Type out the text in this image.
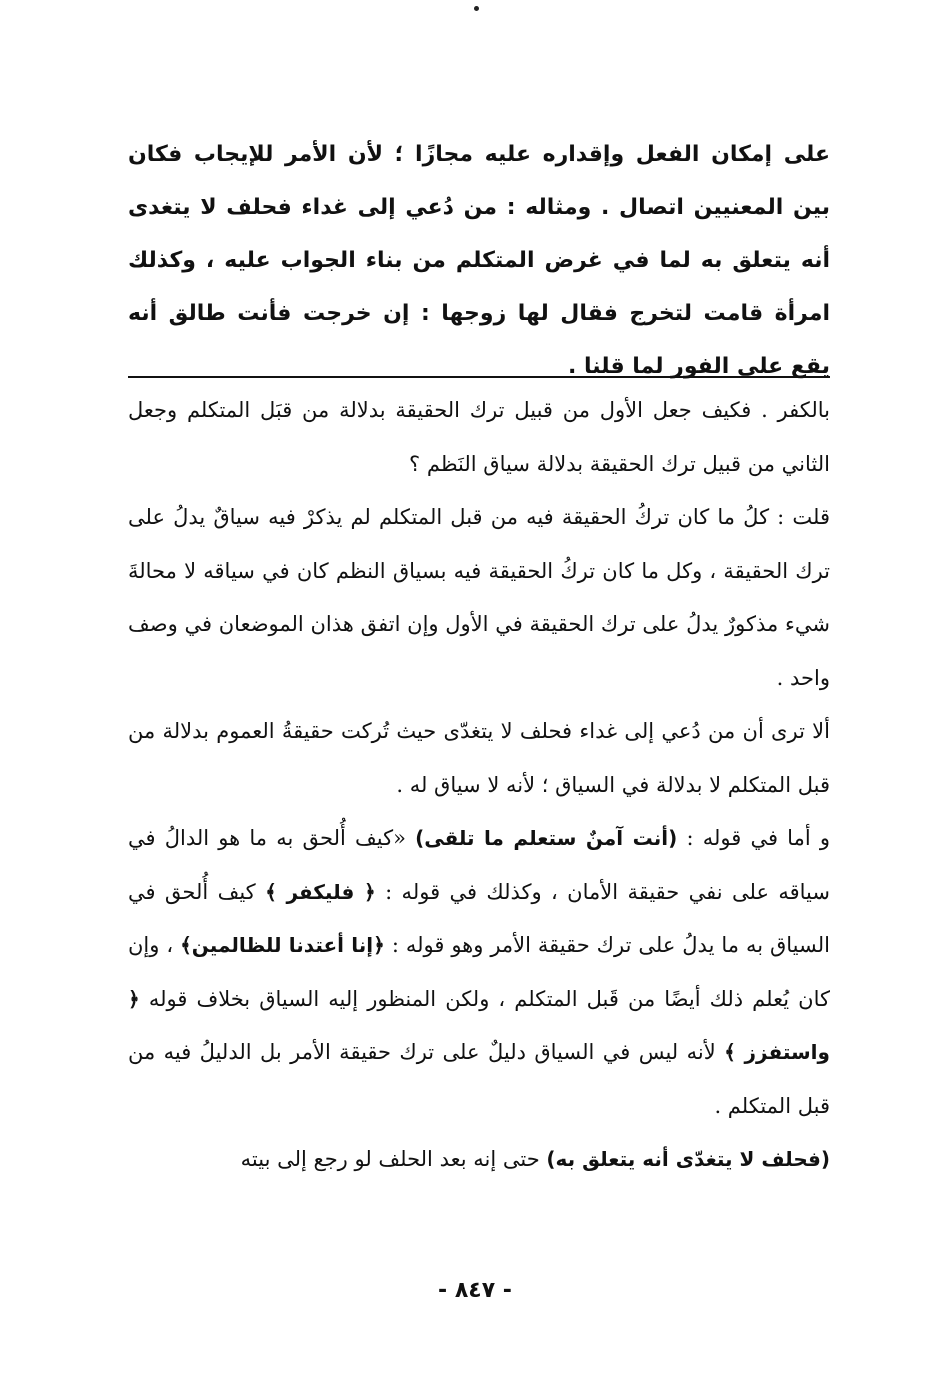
على إمكان الفعل وإقداره عليه مجازًا ؛ لأن الأمر للإيجاب فكان بين المعنيين اتصال . ومثاله : من دُعي إلى غداء فحلف لا يتغدى أنه يتعلق به لما في غرض المتكلم من بناء الجواب عليه ، وكذلك امرأة قامت لتخرج فقال لها زوجها : إن خرجت فأنت طالق أنه يقع على الفور لما قلنا .

بالكفر . فكيف جعل الأول من قبيل ترك الحقيقة بدلالة من قبَل المتكلم وجعل الثاني من قبيل ترك الحقيقة بدلالة سياق النَظم ؟

قلت : كلُ ما كان تركُ الحقيقة فيه من قبل المتكلم لم يذكرْ فيه سياقٌ يدلُ على ترك الحقيقة ، وكل ما كان تركُ الحقيقة فيه بسياق النظم كان في سياقه لا محالةَ شيء مذكورٌ يدلُ على ترك الحقيقة في الأول وإن اتفق هذان الموضعان في وصف واحد .

ألا ترى أن من دُعي إلى غداء فحلف لا يتغدّى حيث تُركت حقيقةُ العموم بدلالة من قبل المتكلم لا بدلالة في السياق ؛ لأنه لا سياق له .

و أما في قوله : (أنت آمنٌ ستعلم ما تلقى) «كيف أُلحق به ما هو الدالُ في سياقه على نفي حقيقة الأمان ، وكذلك في قوله : ﴿ فليكفر ﴾ كيف أُلحق في السياق به ما يدلُ على ترك حقيقة الأمر وهو قوله : ﴿إنا أعتدنا للظالمين﴾ ، وإن كان يُعلم ذلك أيضًا من قَبل المتكلم ، ولكن المنظور إليه السياق بخلاف قوله ﴿ واستفزز ﴾ لأنه ليس في السياق دليلٌ على ترك حقيقة الأمر بل الدليلُ فيه من قبل المتكلم .

(فحلف لا يتغدّى أنه يتعلق به) حتى إنه بعد الحلف لو رجع إلى بيته

- ٨٤٧ -
